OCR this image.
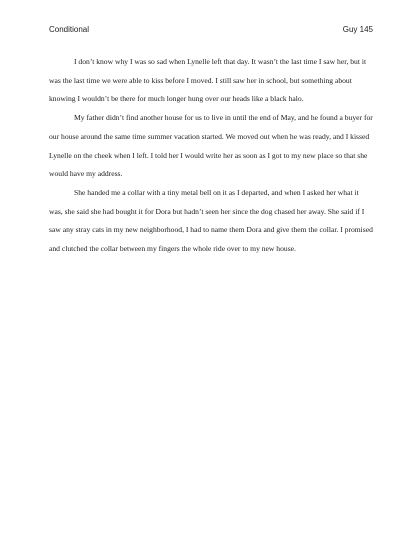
Conditional	Guy 145

I don’t know why I was so sad when Lynelle left that day. It wasn’t the last time I saw her, but it was the last time we were able to kiss before I moved. I still saw her in school, but something about knowing I wouldn’t be there for much longer hung over our heads like a black halo.

My father didn’t find another house for us to live in until the end of May, and he found a buyer for our house around the same time summer vacation started. We moved out when he was ready, and I kissed Lynelle on the cheek when I left. I told her I would write her as soon as I got to my new place so that she would have my address.

She handed me a collar with a tiny metal bell on it as I departed, and when I asked her what it was, she said she had bought it for Dora but hadn’t seen her since the dog chased her away. She said if I saw any stray cats in my new neighborhood, I had to name them Dora and give them the collar. I promised and clutched the collar between my fingers the whole ride over to my new house.
